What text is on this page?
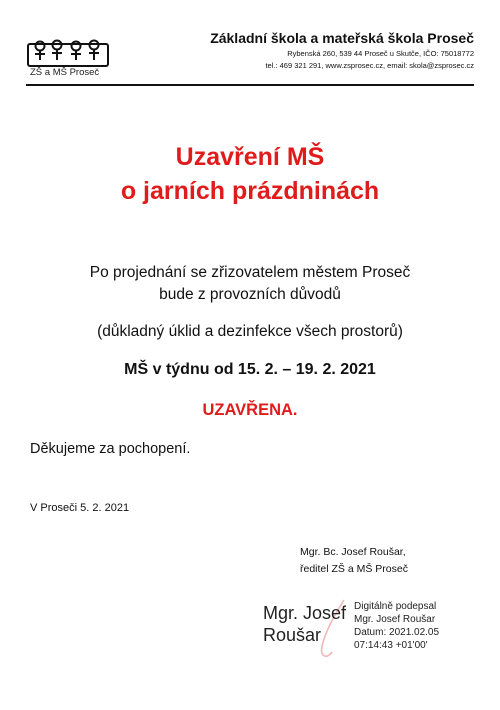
ZŠ a MŠ Proseč
Základní škola a mateřská škola Proseč
Rybenská 260, 539 44 Proseč u Skutče, IČO: 75018772
tel.: 469 321 291, www.zsprosec.cz, email: skola@zsprosec.cz
Uzavření MŠ
o jarních prázdninách
Po projednání se zřizovatelem městem Proseč
bude z provozních důvodů
(důkladný úklid a dezinfekce všech prostorů)
MŠ v týdnu od 15. 2. – 19. 2. 2021
UZAVŘENA.
Děkujeme za pochopení.
V Proseči 5. 2. 2021
Mgr. Bc. Josef Roušar,
ředitel ZŠ a MŠ Proseč
Mgr. Josef
Roušar
Digitálně podepsal
Mgr. Josef Roušar
Datum: 2021.02.05
07:14:43 +01'00'
